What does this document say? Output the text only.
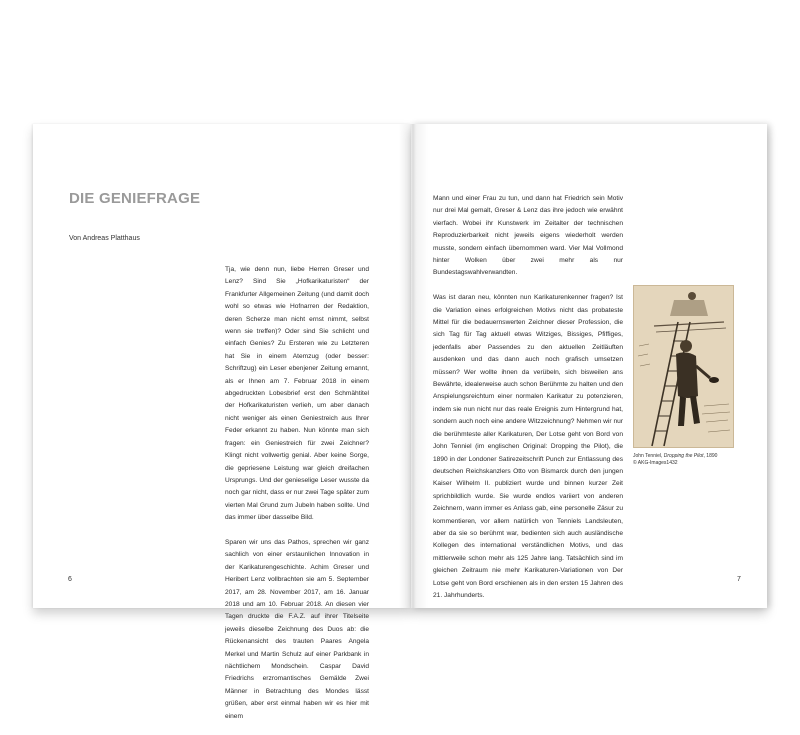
DIE GENIEFRAGE
Von Andreas Platthaus

Tja, wie denn nun, liebe Herren Greser und Lenz? Sind Sie „Hofkarikaturisten“ der Frankfurter Allgemeinen Zeitung (und damit doch wohl so etwas wie Hofnarren der Redaktion, deren Scherze man nicht ernst nimmt, selbst wenn sie treffen)? Oder sind Sie schlicht und einfach Genies? Zu Ersteren wie zu Letzteren hat Sie in einem Atemzug (oder besser: Schriftzug) ein Leser ebenjener Zeitung ernannt, als er Ihnen am 7. Februar 2018 in einem abgedruckten Lobesbrief erst den Schmähtitel der Hofkarikaturisten verlieh, um aber danach nicht weniger als einen Geniestreich aus Ihrer Feder erkannt zu haben. Nun könnte man sich fragen: ein Geniestreich für zwei Zeichner? Klingt nicht vollwertig genial. Aber keine Sorge, die gepriesene Leistung war gleich dreifachen Ursprungs. Und der genieselige Leser wusste da noch gar nicht, dass er nur zwei Tage später zum vierten Mal Grund zum Jubeln haben sollte. Und das immer über dasselbe Bild.

Sparen wir uns das Pathos, sprechen wir ganz sachlich von einer erstaunlichen Innovation in der Karikaturengeschichte. Achim Greser und Heribert Lenz vollbrachten sie am 5. September 2017, am 28. November 2017, am 16. Januar 2018 und am 10. Februar 2018. An diesen vier Tagen druckte die F.A.Z. auf ihrer Titelseite jeweils dieselbe Zeichnung des Duos ab: die Rückenansicht des trauten Paares Angela Merkel und Martin Schulz auf einer Parkbank in nächtlichem Mondschein. Caspar David Friedrichs erzromantisches Gemälde Zwei Männer in Betrachtung des Mondes lässt grüßen, aber erst einmal haben wir es hier mit einem

6

Mann und einer Frau zu tun, und dann hat Friedrich sein Motiv nur drei Mal gemalt, Greser & Lenz das ihre jedoch wie erwähnt vierfach. Wobei ihr Kunstwerk im Zeitalter der technischen Reproduzierbarkeit nicht jeweils eigens wiederholt werden musste, sondern einfach übernommen ward. Vier Mal Vollmond hinter Wolken über zwei mehr als nur Bundestagswahlverwandten.

Was ist daran neu, könnten nun Karikaturenkenner fragen? Ist die Variation eines erfolgreichen Motivs nicht das probateste Mittel für die bedauernswerten Zeichner dieser Profession, die sich Tag für Tag aktuell etwas Witziges, Bissiges, Pfiffiges, jedenfalls aber Passendes zu den aktuellen Zeitläuften ausdenken und das dann auch noch grafisch umsetzen müssen? Wer wollte ihnen da verübeln, sich bisweilen ans Bewährte, idealerweise auch schon Berühmte zu halten und den Anspielungsreichtum einer normalen Karikatur zu potenzieren, indem sie nun nicht nur das reale Ereignis zum Hintergrund hat, sondern auch noch eine andere Witzzeichnung? Nehmen wir nur die berühmteste aller Karikaturen, Der Lotse geht von Bord von John Tenniel (im englischen Original: Dropping the Pilot), die 1890 in der Londoner Satirezeitschrift Punch zur Entlassung des deutschen Reichskanzlers Otto von Bismarck durch den jungen Kaiser Wilhelm II. publiziert wurde und binnen kurzer Zeit sprichbildlich wurde. Sie wurde endlos variiert von anderen Zeichnern, wann immer es Anlass gab, eine personelle Zäsur zu kommentieren, vor allem natürlich von Tenniels Landsleuten, aber da sie so berühmt war, bedienten sich auch ausländische Kollegen des international verständlichen Motivs, und das mittlerweile schon mehr als 125 Jahre lang. Tatsächlich sind im gleichen Zeitraum nie mehr Karikaturen-Variationen von Der Lotse geht von Bord erschienen als in den ersten 15 Jahren des 21. Jahrhunderts.

John Tenniel, Dropping the Pilot, 1890
© AKG-Images1432
7
